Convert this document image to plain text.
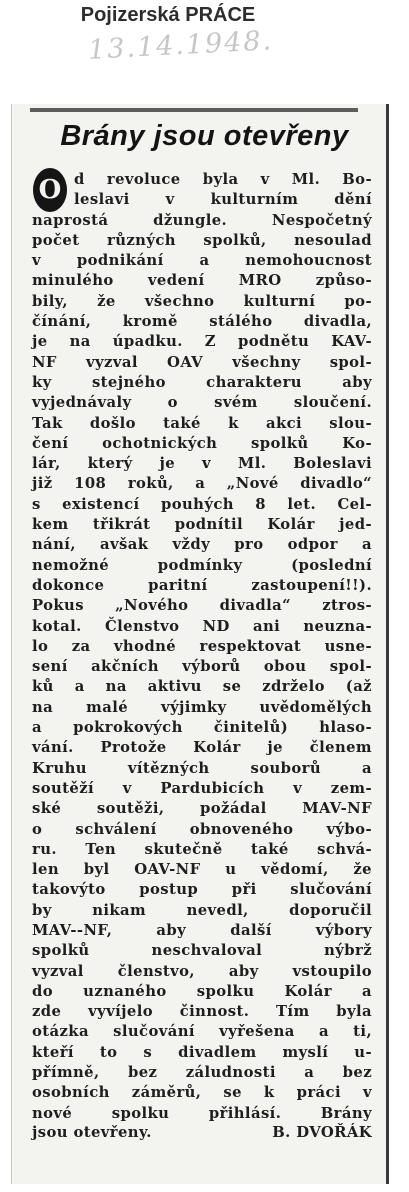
Pojizerská PRÁCE
13.14.1948.
Brány jsou otevřeny
O d revoluce byla v Ml. Bo-
leslavi v kulturním dění
naprostá džungle. Nespočetný
počet různých spolků, nesoulad
v podnikání a nemohoucnost
minulého vedení MRO způso-
bily, že všechno kulturní po-
čínání, kromě stálého divadla,
je na úpadku. Z podnětu KAV-
NF vyzval OAV všechny spol-
ky stejného charakteru aby
vyjednávaly o svém sloučení.
Tak došlo také k akci slou-
čení ochotnických spolků Ko-
lár, který je v Ml. Boleslavi
již 108 roků, a „Nové divadlo“
s existencí pouhých 8 let. Cel-
kem třikrát podnítil Kolár jed-
nání, avšak vždy pro odpor a
nemožné podmínky (poslední
dokonce paritní zastoupení!!).
Pokus „Nového divadla“ ztros-
kotal. Členstvo ND ani neuzna-
lo za vhodné respektovat usne-
sení akčních výborů obou spol-
ků a na aktivu se zdrželo (až
na malé výjimky uvědomělých
a pokrokových činitelů) hlaso-
vání. Protože Kolár je členem
Kruhu vítězných souborů a
soutěží v Pardubicích v zem-
ské soutěži, požádal MAV-NF
o schválení obnoveného výbo-
ru. Ten skutečně také schvá-
len byl OAV-NF u vědomí, že
takovýto postup při slučování
by nikam nevedl, doporučil
MAV--NF, aby další výbory
spolků neschvaloval nýbrž
vyzval členstvo, aby vstoupilo
do uznaného spolku Kolár a
zde vyvíjelo činnost. Tím byla
otázka slučování vyřešena a ti,
kteří to s divadlem myslí u-
přímně, bez záludnosti a bez
osobních záměrů, se k práci v
nové spolku přihlásí. Brány
jsou otevřeny.	B. DVOŘÁK
